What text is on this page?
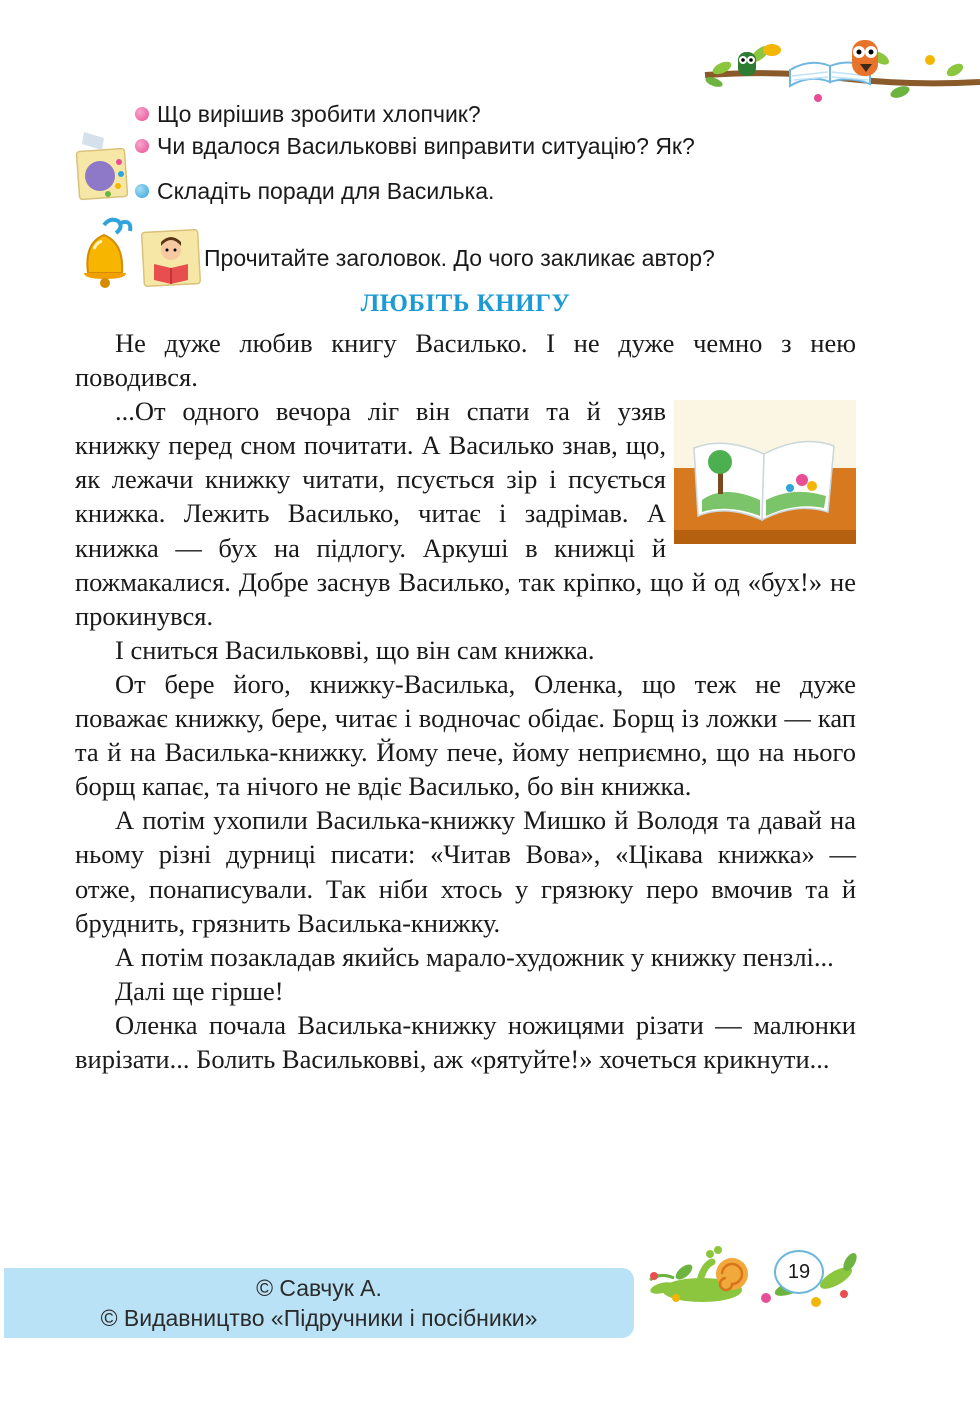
Що вирішив зробити хлопчик?
Чи вдалося Васильковві виправити ситуацію? Як?
Складіть поради для Василька.
Прочитайте заголовок. До чого закликає автор?
ЛЮБІТЬ КНИГУ

Не дуже любив книгу Василько. І не дуже чемно з нею поводився.

...От одного вечора ліг він спати та й узяв книжку перед сном почитати. А Василько знав, що, як лежачи книжку читати, псується зір і псується книжка. Лежить Василько, читає і задрімав. А книжка — бух на підлогу. Аркуші в книжці й пожмакалися. Добре заснув Василько, так кріпко, що й од «бух!» не прокинувся.

І сниться Васильковві, що він сам книжка.

От бере його, книжку-Василька, Оленка, що теж не дуже поважає книжку, бере, читає і водночас обідає. Борщ із ложки — кап та й на Василька-книжку. Йому пече, йому неприємно, що на нього борщ капає, та нічого не вдіє Василько, бо він книжка.

А потім ухопили Василька-книжку Мишко й Володя та давай на ньому різні дурниці писати: «Читав Вова», «Цікава книжка» — отже, понаписували. Так ніби хтось у грязюку перо вмочив та й бруднить, грязнить Василька-книжку.

А потім позакладав якийсь марало-художник у книжку пензлі...

Далі ще гірше!

Оленка почала Василька-книжку ножицями різати — малюнки вирізати... Болить Васильковві, аж «рятуйте!» хочеться крикнути...

19
© Савчук А.
© Видавництво «Підручники і посібники»
